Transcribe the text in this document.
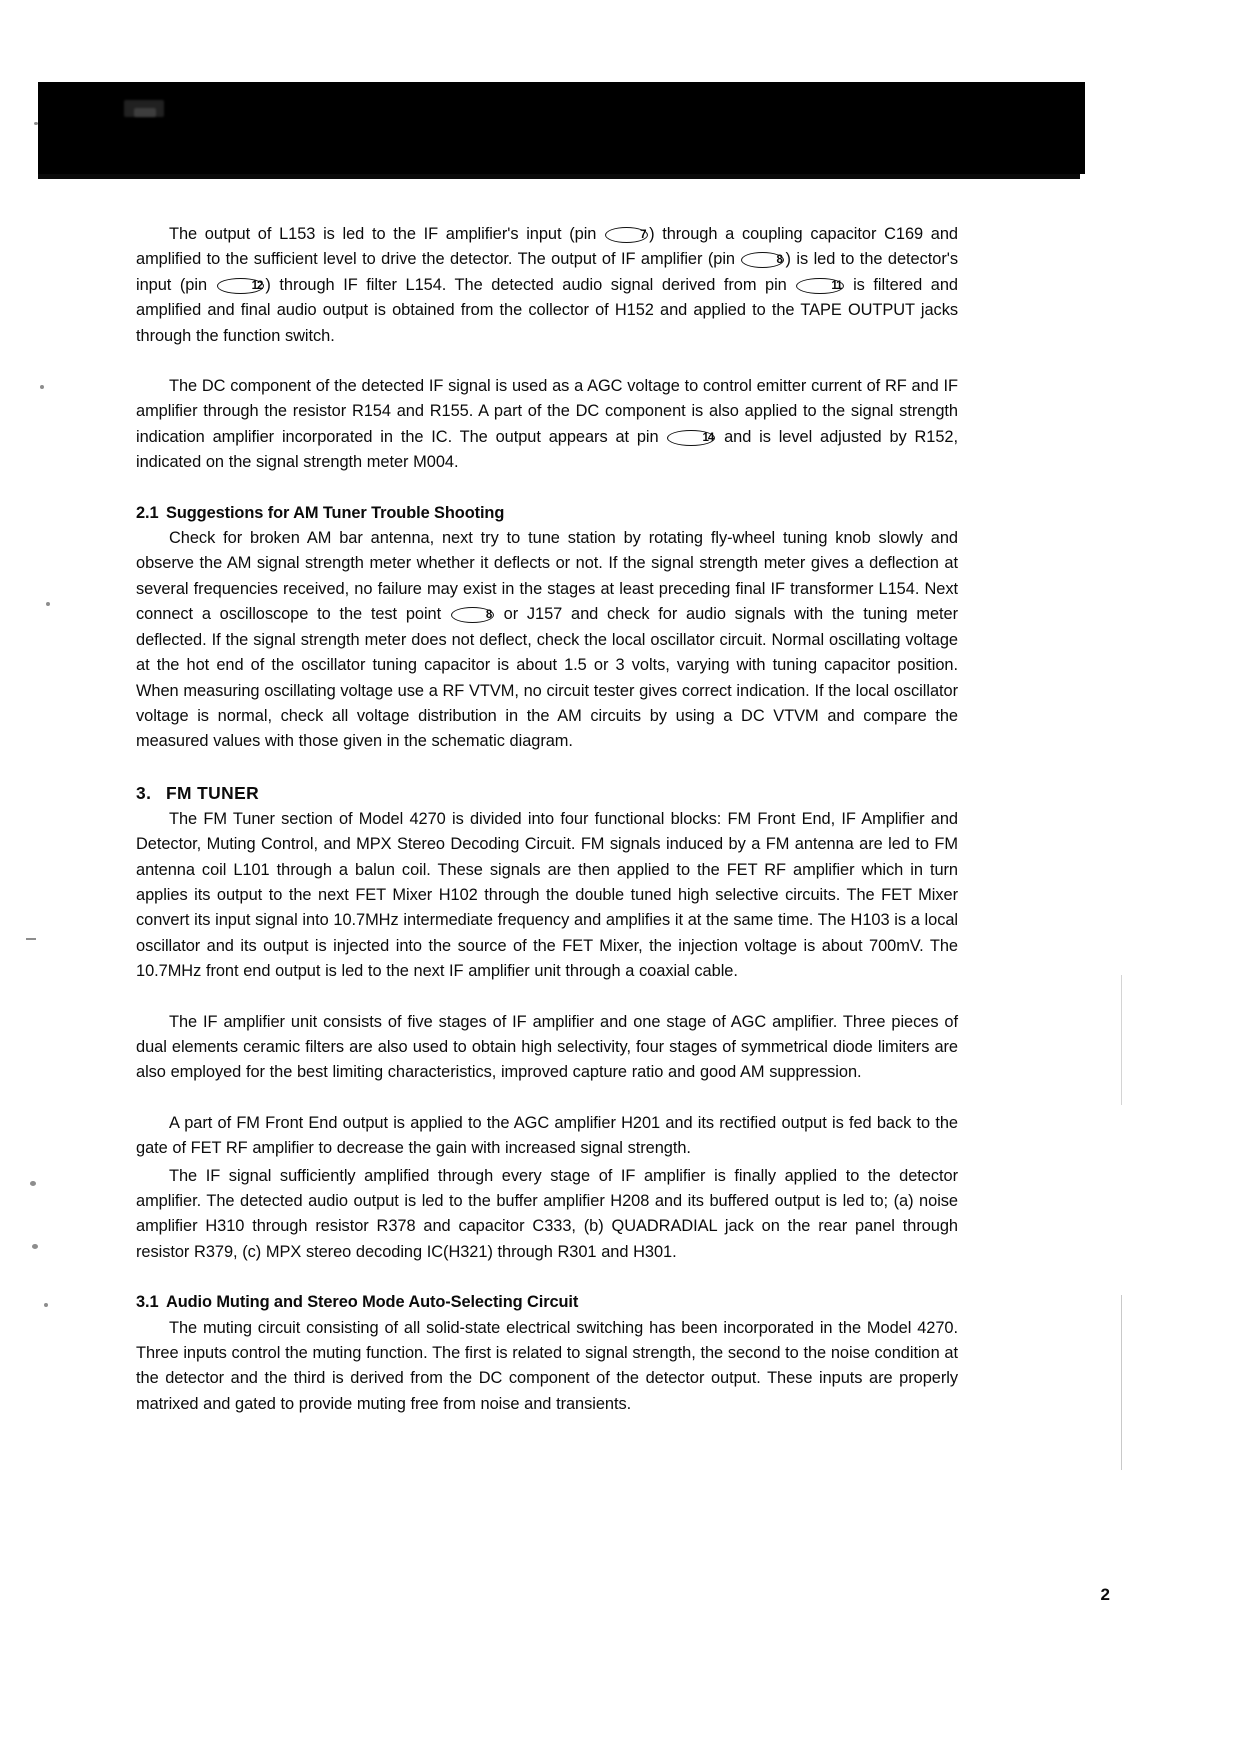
The output of L153 is led to the IF amplifier's input (pin	7 ) through a coupling capacitor C169 and amplified to the sufficient level to drive the detector. The output of IF amplifier (pin	8 ) is led to the detector's input (pin	12 ) through IF filter L154. The detected audio signal derived from pin	11 is filtered and amplified and final audio output is obtained from the collector of H152 and applied to the TAPE OUTPUT jacks through the function switch.

The DC component of the detected IF signal is used as a AGC voltage to control emitter current of RF and IF amplifier through the resistor R154 and R155. A part of the DC component is also applied to the signal strength indication amplifier incorporated in the IC. The output appears at pin	14 and is level adjusted by R152, indicated on the signal strength meter M004.

2.1 Suggestions for AM Tuner Trouble Shooting

Check for broken AM bar antenna, next try to tune station by rotating fly-wheel tuning knob slowly and observe the AM signal strength meter whether it deflects or not. If the signal strength meter gives a deflection at several frequencies received, no failure may exist in the stages at least preceding final IF transformer L154. Next connect a oscilloscope to the test point	8 or J157 and check for audio signals with the tuning meter deflected. If the signal strength meter does not deflect, check the local oscillator circuit. Normal oscillating voltage at the hot end of the oscillator tuning capacitor is about 1.5 or 3 volts, varying with tuning capacitor position. When measuring oscillating voltage use a RF VTVM, no circuit tester gives correct indication. If the local oscillator voltage is normal, check all voltage distribution in the AM circuits by using a DC VTVM and compare the measured values with those given in the schematic diagram.

3. FM TUNER

The FM Tuner section of Model 4270 is divided into four functional blocks: FM Front End, IF Amplifier and Detector, Muting Control, and MPX Stereo Decoding Circuit. FM signals induced by a FM antenna are led to FM antenna coil L101 through a balun coil. These signals are then applied to the FET RF amplifier which in turn applies its output to the next FET Mixer H102 through the double tuned high selective circuits. The FET Mixer convert its input signal into 10.7MHz intermediate frequency and amplifies it at the same time. The H103 is a local oscillator and its output is injected into the source of the FET Mixer, the injection voltage is about 700mV. The 10.7MHz front end output is led to the next IF amplifier unit through a coaxial cable.

The IF amplifier unit consists of five stages of IF amplifier and one stage of AGC amplifier. Three pieces of dual elements ceramic filters are also used to obtain high selectivity, four stages of symmetrical diode limiters are also employed for the best limiting characteristics, improved capture ratio and good AM suppression.

A part of FM Front End output is applied to the AGC amplifier H201 and its rectified output is fed back to the gate of FET RF amplifier to decrease the gain with increased signal strength.

The IF signal sufficiently amplified through every stage of IF amplifier is finally applied to the detector amplifier. The detected audio output is led to the buffer amplifier H208 and its buffered output is led to; (a) noise amplifier H310 through resistor R378 and capacitor C333, (b) QUADRADIAL jack on the rear panel through resistor R379, (c) MPX stereo decoding IC(H321) through R301 and H301.

3.1 Audio Muting and Stereo Mode Auto-Selecting Circuit

The muting circuit consisting of all solid-state electrical switching has been incorporated in the Model 4270. Three inputs control the muting function. The first is related to signal strength, the second to the noise condition at the detector and the third is derived from the DC component of the detector output. These inputs are properly matrixed and gated to provide muting free from noise and transients.

2
